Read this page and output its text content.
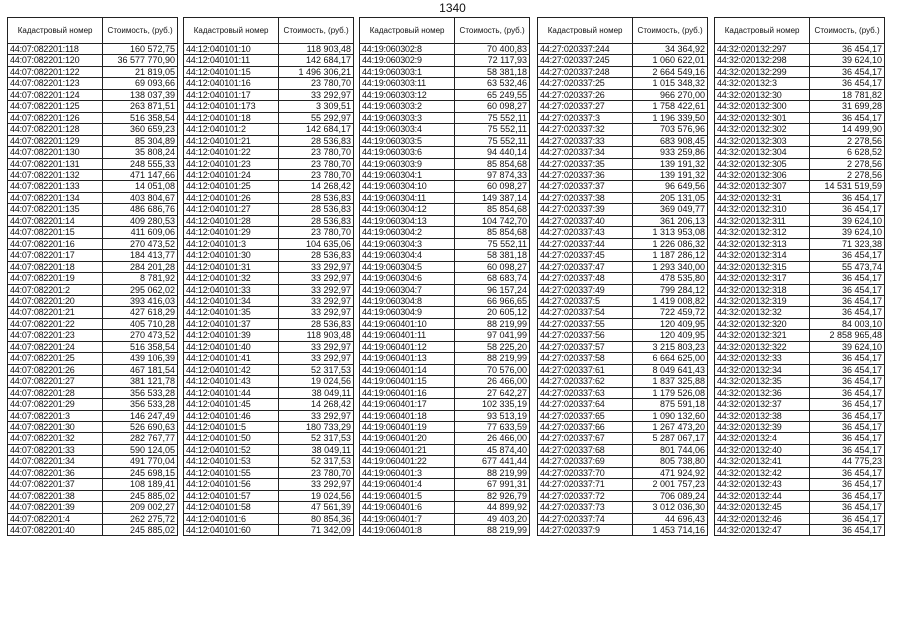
1340
Кадастровый номер	Стоимость, (руб.)
44:07:082201:118	160 572,75
44:07:082201:120	36 577 770,90
44:07:082201:122	21 819,05
44:07:082201:123	69 093,66
44:07:082201:124	138 037,39
44:07:082201:125	263 871,51
44:07:082201:126	516 358,54
44:07:082201:128	360 659,23
44:07:082201:129	85 304,89
44:07:082201:130	35 808,24
44:07:082201:131	248 555,33
44:07:082201:132	471 147,66
44:07:082201:133	14 051,08
44:07:082201:134	403 804,67
44:07:082201:135	486 686,76
44:07:082201:14	409 280,53
44:07:082201:15	411 609,06
44:07:082201:16	270 473,52
44:07:082201:17	184 413,77
44:07:082201:18	284 201,28
44:07:082201:19	8 781,92
44:07:082201:2	295 062,02
44:07:082201:20	393 416,03
44:07:082201:21	427 618,29
44:07:082201:22	405 710,28
44:07:082201:23	270 473,52
44:07:082201:24	516 358,54
44:07:082201:25	439 106,39
44:07:082201:26	467 181,54
44:07:082201:27	381 121,78
44:07:082201:28	356 533,28
44:07:082201:29	356 533,28
44:07:082201:3	146 247,49
44:07:082201:30	526 690,63
44:07:082201:32	282 767,77
44:07:082201:33	590 124,05
44:07:082201:34	491 770,04
44:07:082201:36	245 698,15
44:07:082201:37	108 189,41
44:07:082201:38	245 885,02
44:07:082201:39	209 002,27
44:07:082201:4	262 275,72
44:07:082201:40	245 885,02
Кадастровый номер	Стоимость, (руб.)
44:12:040101:10	118 903,48
44:12:040101:11	142 684,17
44:12:040101:15	1 496 306,21
44:12:040101:16	23 780,70
44:12:040101:17	33 292,97
44:12:040101:173	3 309,51
44:12:040101:18	55 292,97
44:12:040101:2	142 684,17
44:12:040101:21	28 536,83
44:12:040101:22	23 780,70
44:12:040101:23	23 780,70
44:12:040101:24	23 780,70
44:12:040101:25	14 268,42
44:12:040101:26	28 536,83
44:12:040101:27	28 536,83
44:12:040101:28	28 536,83
44:12:040101:29	23 780,70
44:12:040101:3	104 635,06
44:12:040101:30	28 536,83
44:12:040101:31	33 292,97
44:12:040101:32	33 292,97
44:12:040101:33	33 292,97
44:12:040101:34	33 292,97
44:12:040101:35	33 292,97
44:12:040101:37	28 536,83
44:12:040101:39	118 903,48
44:12:040101:40	33 292,97
44:12:040101:41	33 292,97
44:12:040101:42	52 317,53
44:12:040101:43	19 024,56
44:12:040101:44	38 049,11
44:12:040101:45	14 268,42
44:12:040101:46	33 292,97
44:12:040101:5	180 733,29
44:12:040101:50	52 317,53
44:12:040101:52	38 049,11
44:12:040101:53	52 317,53
44:12:040101:55	23 780,70
44:12:040101:56	33 292,97
44:12:040101:57	19 024,56
44:12:040101:58	47 561,39
44:12:040101:6	80 854,36
44:12:040101:60	71 342,09
Кадастровый номер	Стоимость, (руб.)
44:19:060302:8	70 400,83
44:19:060302:9	72 117,93
44:19:060303:1	58 381,18
44:19:060303:11	63 532,46
44:19:060303:12	65 249,55
44:19:060303:2	60 098,27
44:19:060303:3	75 552,11
44:19:060303:4	75 552,11
44:19:060303:5	75 552,11
44:19:060303:6	94 440,14
44:19:060303:9	85 854,68
44:19:060304:1	97 874,33
44:19:060304:10	60 098,27
44:19:060304:11	149 387,14
44:19:060304:12	85 854,68
44:19:060304:13	104 742,70
44:19:060304:2	85 854,68
44:19:060304:3	75 552,11
44:19:060304:4	58 381,18
44:19:060304:5	60 098,27
44:19:060304:6	68 683,74
44:19:060304:7	96 157,24
44:19:060304:8	66 966,65
44:19:060304:9	20 605,12
44:19:060401:10	88 219,99
44:19:060401:11	97 041,99
44:19:060401:12	58 225,20
44:19:060401:13	88 219,99
44:19:060401:14	70 576,00
44:19:060401:15	26 466,00
44:19:060401:16	27 642,27
44:19:060401:17	102 335,19
44:19:060401:18	93 513,19
44:19:060401:19	77 633,59
44:19:060401:20	26 466,00
44:19:060401:21	45 874,40
44:19:060401:22	677 441,44
44:19:060401:3	88 219,99
44:19:060401:4	67 991,31
44:19:060401:5	82 926,79
44:19:060401:6	44 899,92
44:19:060401:7	49 403,20
44:19:060401:8	88 219,99
Кадастровый номер	Стоимость, (руб.)
44:27:020337:244	34 364,92
44:27:020337:245	1 060 622,01
44:27:020337:248	2 664 549,16
44:27:020337:25	1 015 348,32
44:27:020337:26	966 270,00
44:27:020337:27	1 758 422,61
44:27:020337:3	1 196 339,50
44:27:020337:32	703 576,96
44:27:020337:33	683 908,45
44:27:020337:34	933 259,86
44:27:020337:35	139 191,32
44:27:020337:36	139 191,32
44:27:020337:37	96 649,56
44:27:020337:38	205 131,05
44:27:020337:39	369 049,77
44:27:020337:40	361 206,13
44:27:020337:43	1 313 953,08
44:27:020337:44	1 226 086,32
44:27:020337:45	1 187 286,12
44:27:020337:47	1 293 340,00
44:27:020337:48	478 535,80
44:27:020337:49	799 284,12
44:27:020337:5	1 419 008,82
44:27:020337:54	722 459,72
44:27:020337:55	120 409,95
44:27:020337:56	120 409,95
44:27:020337:57	3 215 803,23
44:27:020337:58	6 664 625,00
44:27:020337:61	8 049 641,43
44:27:020337:62	1 837 325,88
44:27:020337:63	1 179 526,08
44:27:020337:64	875 591,18
44:27:020337:65	1 090 132,60
44:27:020337:66	1 267 473,20
44:27:020337:67	5 287 067,17
44:27:020337:68	801 744,06
44:27:020337:69	805 738,80
44:27:020337:70	471 924,92
44:27:020337:71	2 001 757,23
44:27:020337:72	706 089,24
44:27:020337:73	3 012 036,30
44:27:020337:74	44 696,43
44:27:020337:9	1 453 714,16
Кадастровый номер	Стоимость, (руб.)
44:32:020132:297	36 454,17
44:32:020132:298	39 624,10
44:32:020132:299	36 454,17
44:32:020132:3	36 454,17
44:32:020132:30	18 781,82
44:32:020132:300	31 699,28
44:32:020132:301	36 454,17
44:32:020132:302	14 499,90
44:32:020132:303	2 278,56
44:32:020132:304	6 628,52
44:32:020132:305	2 278,56
44:32:020132:306	2 278,56
44:32:020132:307	14 531 519,59
44:32:020132:31	36 454,17
44:32:020132:310	36 454,17
44:32:020132:311	39 624,10
44:32:020132:312	39 624,10
44:32:020132:313	71 323,38
44:32:020132:314	36 454,17
44:32:020132:315	55 473,74
44:32:020132:317	36 454,17
44:32:020132:318	36 454,17
44:32:020132:319	36 454,17
44:32:020132:32	36 454,17
44:32:020132:320	84 003,10
44:32:020132:321	2 858 965,48
44:32:020132:322	39 624,10
44:32:020132:33	36 454,17
44:32:020132:34	36 454,17
44:32:020132:35	36 454,17
44:32:020132:36	36 454,17
44:32:020132:37	36 454,17
44:32:020132:38	36 454,17
44:32:020132:39	36 454,17
44:32:020132:4	36 454,17
44:32:020132:40	36 454,17
44:32:020132:41	44 775,23
44:32:020132:42	36 454,17
44:32:020132:43	36 454,17
44:32:020132:44	36 454,17
44:32:020132:45	36 454,17
44:32:020132:46	36 454,17
44:32:020132:47	36 454,17
